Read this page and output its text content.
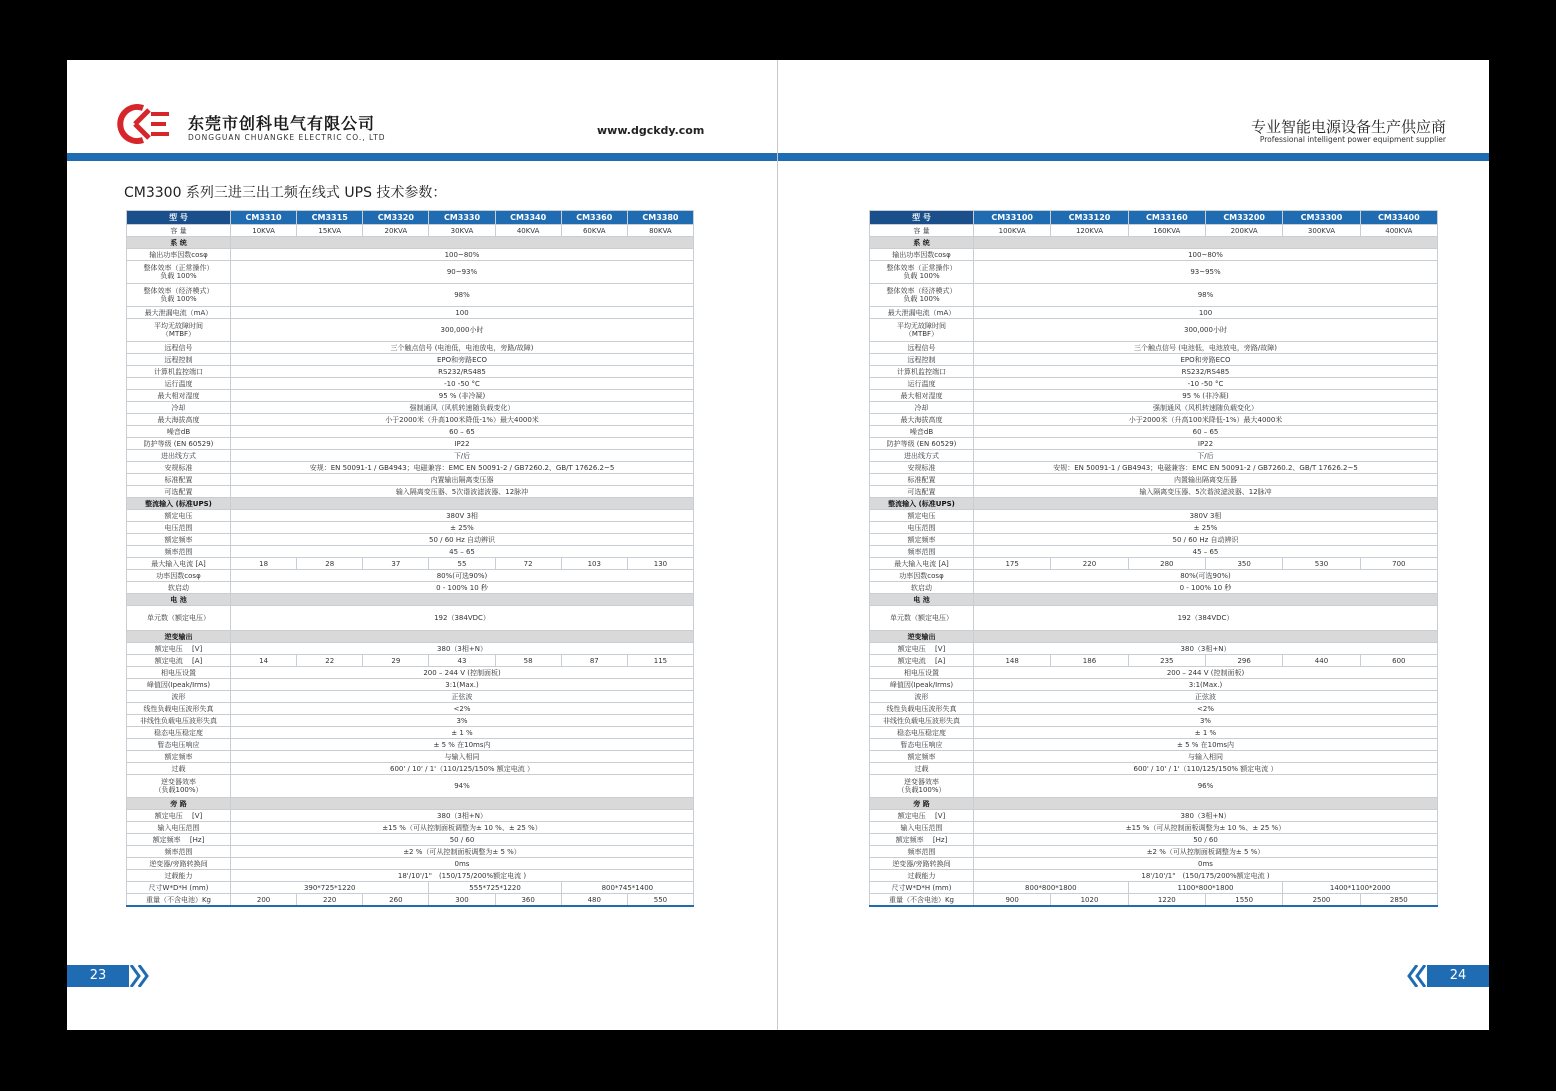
东莞市创科电气有限公司
DONGGUAN CHUANGKE ELECTRIC CO., LTD
www.dgckdy.com
CM3300 系列三进三出工频在线式 UPS 技术参数：
型 号	CM3310	CM3315	CM3320	CM3330	CM3340	CM3360	CM3380
容 量	10KVA	15KVA	20KVA	30KVA	40KVA	60KVA	80KVA
系 统							
输出功率因数cosφ	100~80%						
整体效率（正常操作）
负载 100%	90~93%						
整体效率（经济模式）
负载 100%	98%						
最大泄漏电流（mA）	100						
平均无故障时间
（MTBF）	300,000小时						
远程信号	三个触点信号 (电池低，电池放电，旁路/故障)						
远程控制	EPO和旁路ECO						
计算机监控端口	RS232/RS485						
运行温度	-10 -50 °C						
最大相对湿度	95 % (非冷凝)						
冷却	强制通风（风机转速随负载变化）						
最大海拔高度	小于2000米（升高100米降低-1%）最大4000米						
噪音dB	60 – 65						
防护等级 (EN 60529)	IP22						
进出线方式	下/后						
安规标准	安规：EN 50091-1 / GB4943；电磁兼容：EMC EN 50091-2 / GB7260.2、GB/T 17626.2~5						
标准配置	内置输出隔离变压器						
可选配置	输入隔离变压器、5次谐波滤波器、12脉冲						
整流输入 (标准UPS)							
额定电压	380V 3相						
电压范围	± 25%						
额定频率	50 / 60 Hz 自动辨识						
频率范围	45 – 65						
最大输入电流 [A]	18	28	37	55	72	103	130
功率因数cosφ	80%(可选90%)						
软启动	0 - 100% 10 秒						
电 池							
单元数（额定电压）	192（384VDC）						
逆变输出							
额定电压　 [V]	380（3相+N）						
额定电流　 [A]	14	22	29	43	58	87	115
相电压设置	200 – 244 V (控制面板)						
峰值因(Ipeak/Irms)	3:1(Max.)						
波形	正弦波						
线性负载电压波形失真	<2%						
非线性负载电压波形失真	3%						
稳态电压稳定度	± 1 %						
暂态电压响应	± 5 % 在10ms内						
额定频率	与输入相同						
过载	600' / 10' / 1'（110/125/150% 额定电流 ）						
逆变器效率
（负载100%）	94%						
旁 路							
额定电压　 [V]	380（3相+N）						
输入电压范围	±15 %（可从控制面板调整为± 10 %、± 25 %）						
额定频率　 [Hz]	50 / 60						
频率范围	±2 %（可从控制面板调整为± 5 %）						
逆变器/旁路转换间	0ms						
过载能力	18'/10'/1"　(150/175/200%额定电流 )						
尺寸W*D*H (mm)	390*725*1220			555*725*1220		800*745*1400	
重量（不含电池）Kg	200	220	260	300	360	480	550
23
专业智能电源设备生产供应商
Professional intelligent power equipment supplier
型 号	CM33100	CM33120	CM33160	CM33200	CM33300	CM33400
容 量	100KVA	120KVA	160KVA	200KVA	300KVA	400KVA
系 统						
输出功率因数cosφ	100~80%					
整体效率（正常操作）
负载 100%	93~95%					
整体效率（经济模式）
负载 100%	98%					
最大泄漏电流（mA）	100					
平均无故障时间
（MTBF）	300,000小时					
远程信号	三个触点信号 (电池低，电池放电，旁路/故障)					
远程控制	EPO和旁路ECO					
计算机监控端口	RS232/RS485					
运行温度	-10 -50 °C					
最大相对湿度	95 % (非冷凝)					
冷却	强制通风（风机转速随负载变化）					
最大海拔高度	小于2000米（升高100米降低-1%）最大4000米					
噪音dB	60 – 65					
防护等级 (EN 60529)	IP22					
进出线方式	下/后					
安规标准	安规：EN 50091-1 / GB4943；电磁兼容：EMC EN 50091-2 / GB7260.2、GB/T 17626.2~5					
标准配置	内置输出隔离变压器					
可选配置	输入隔离变压器、5次谐波滤波器、12脉冲					
整流输入 (标准UPS)						
额定电压	380V 3相					
电压范围	± 25%					
额定频率	50 / 60 Hz 自动辨识					
频率范围	45 – 65					
最大输入电流 [A]	175	220	280	350	530	700
功率因数cosφ	80%(可选90%)					
软启动	0 - 100% 10 秒					
电 池						
单元数（额定电压）	192（384VDC）					
逆变输出						
额定电压　 [V]	380（3相+N）					
额定电流　 [A]	148	186	235	296	440	600
相电压设置	200 – 244 V (控制面板)					
峰值因(Ipeak/Irms)	3:1(Max.)					
波形	正弦波					
线性负载电压波形失真	<2%					
非线性负载电压波形失真	3%					
稳态电压稳定度	± 1 %					
暂态电压响应	± 5 % 在10ms内					
额定频率	与输入相同					
过载	600' / 10' / 1'（110/125/150% 额定电流 ）					
逆变器效率
（负载100%）	96%					
旁 路						
额定电压　 [V]	380（3相+N）					
输入电压范围	±15 %（可从控制面板调整为± 10 %、± 25 %）					
额定频率　 [Hz]	50 / 60					
频率范围	±2 %（可从控制面板调整为± 5 %）					
逆变器/旁路转换间	0ms					
过载能力	18'/10'/1"　(150/175/200%额定电流 )					
尺寸W*D*H (mm)	800*800*1800		1100*800*1800		1400*1100*2000	
重量（不含电池）Kg	900	1020	1220	1550	2500	2850
24
